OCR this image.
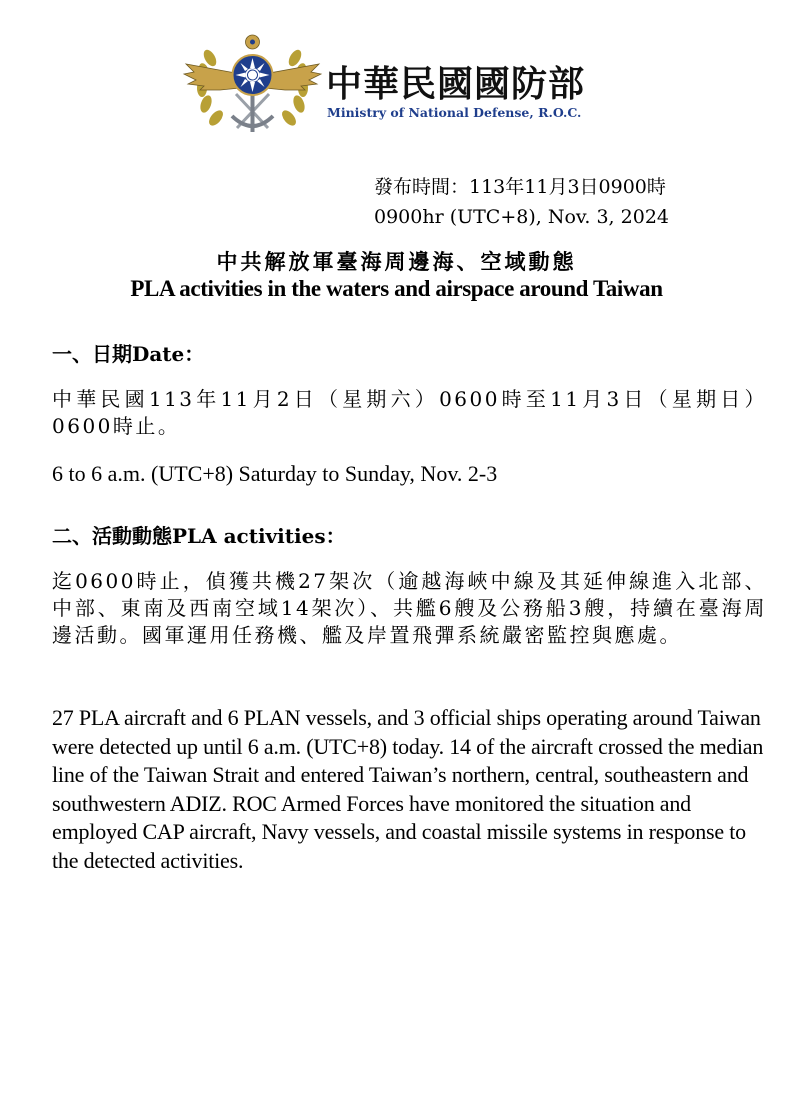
中華民國國防部
Ministry of National Defense, R.O.C.
發布時間：113年11月3日0900時
0900hr (UTC+8), Nov. 3, 2024
中共解放軍臺海周邊海、空域動態
PLA activities in the waters and airspace around Taiwan
一、日期Date：
中華民國113年11月2日（星期六）0600時至11月3日（星期日）0600時止。
6 to 6 a.m. (UTC+8) Saturday to Sunday, Nov. 2-3
二、活動動態PLA activities：
迄0600時止，偵獲共機27架次（逾越海峽中線及其延伸線進入北部、中部、東南及西南空域14架次）、共艦6艘及公務船3艘，持續在臺海周邊活動。國軍運用任務機、艦及岸置飛彈系統嚴密監控與應處。
27 PLA aircraft and 6 PLAN vessels, and 3 official ships operating around Taiwan were detected up until 6 a.m. (UTC+8) today. 14 of the aircraft crossed the median line of the Taiwan Strait and entered Taiwan’s northern, central, southeastern and southwestern ADIZ. ROC Armed Forces have monitored the situation and employed CAP aircraft, Navy vessels, and coastal missile systems in response to the detected activities.
